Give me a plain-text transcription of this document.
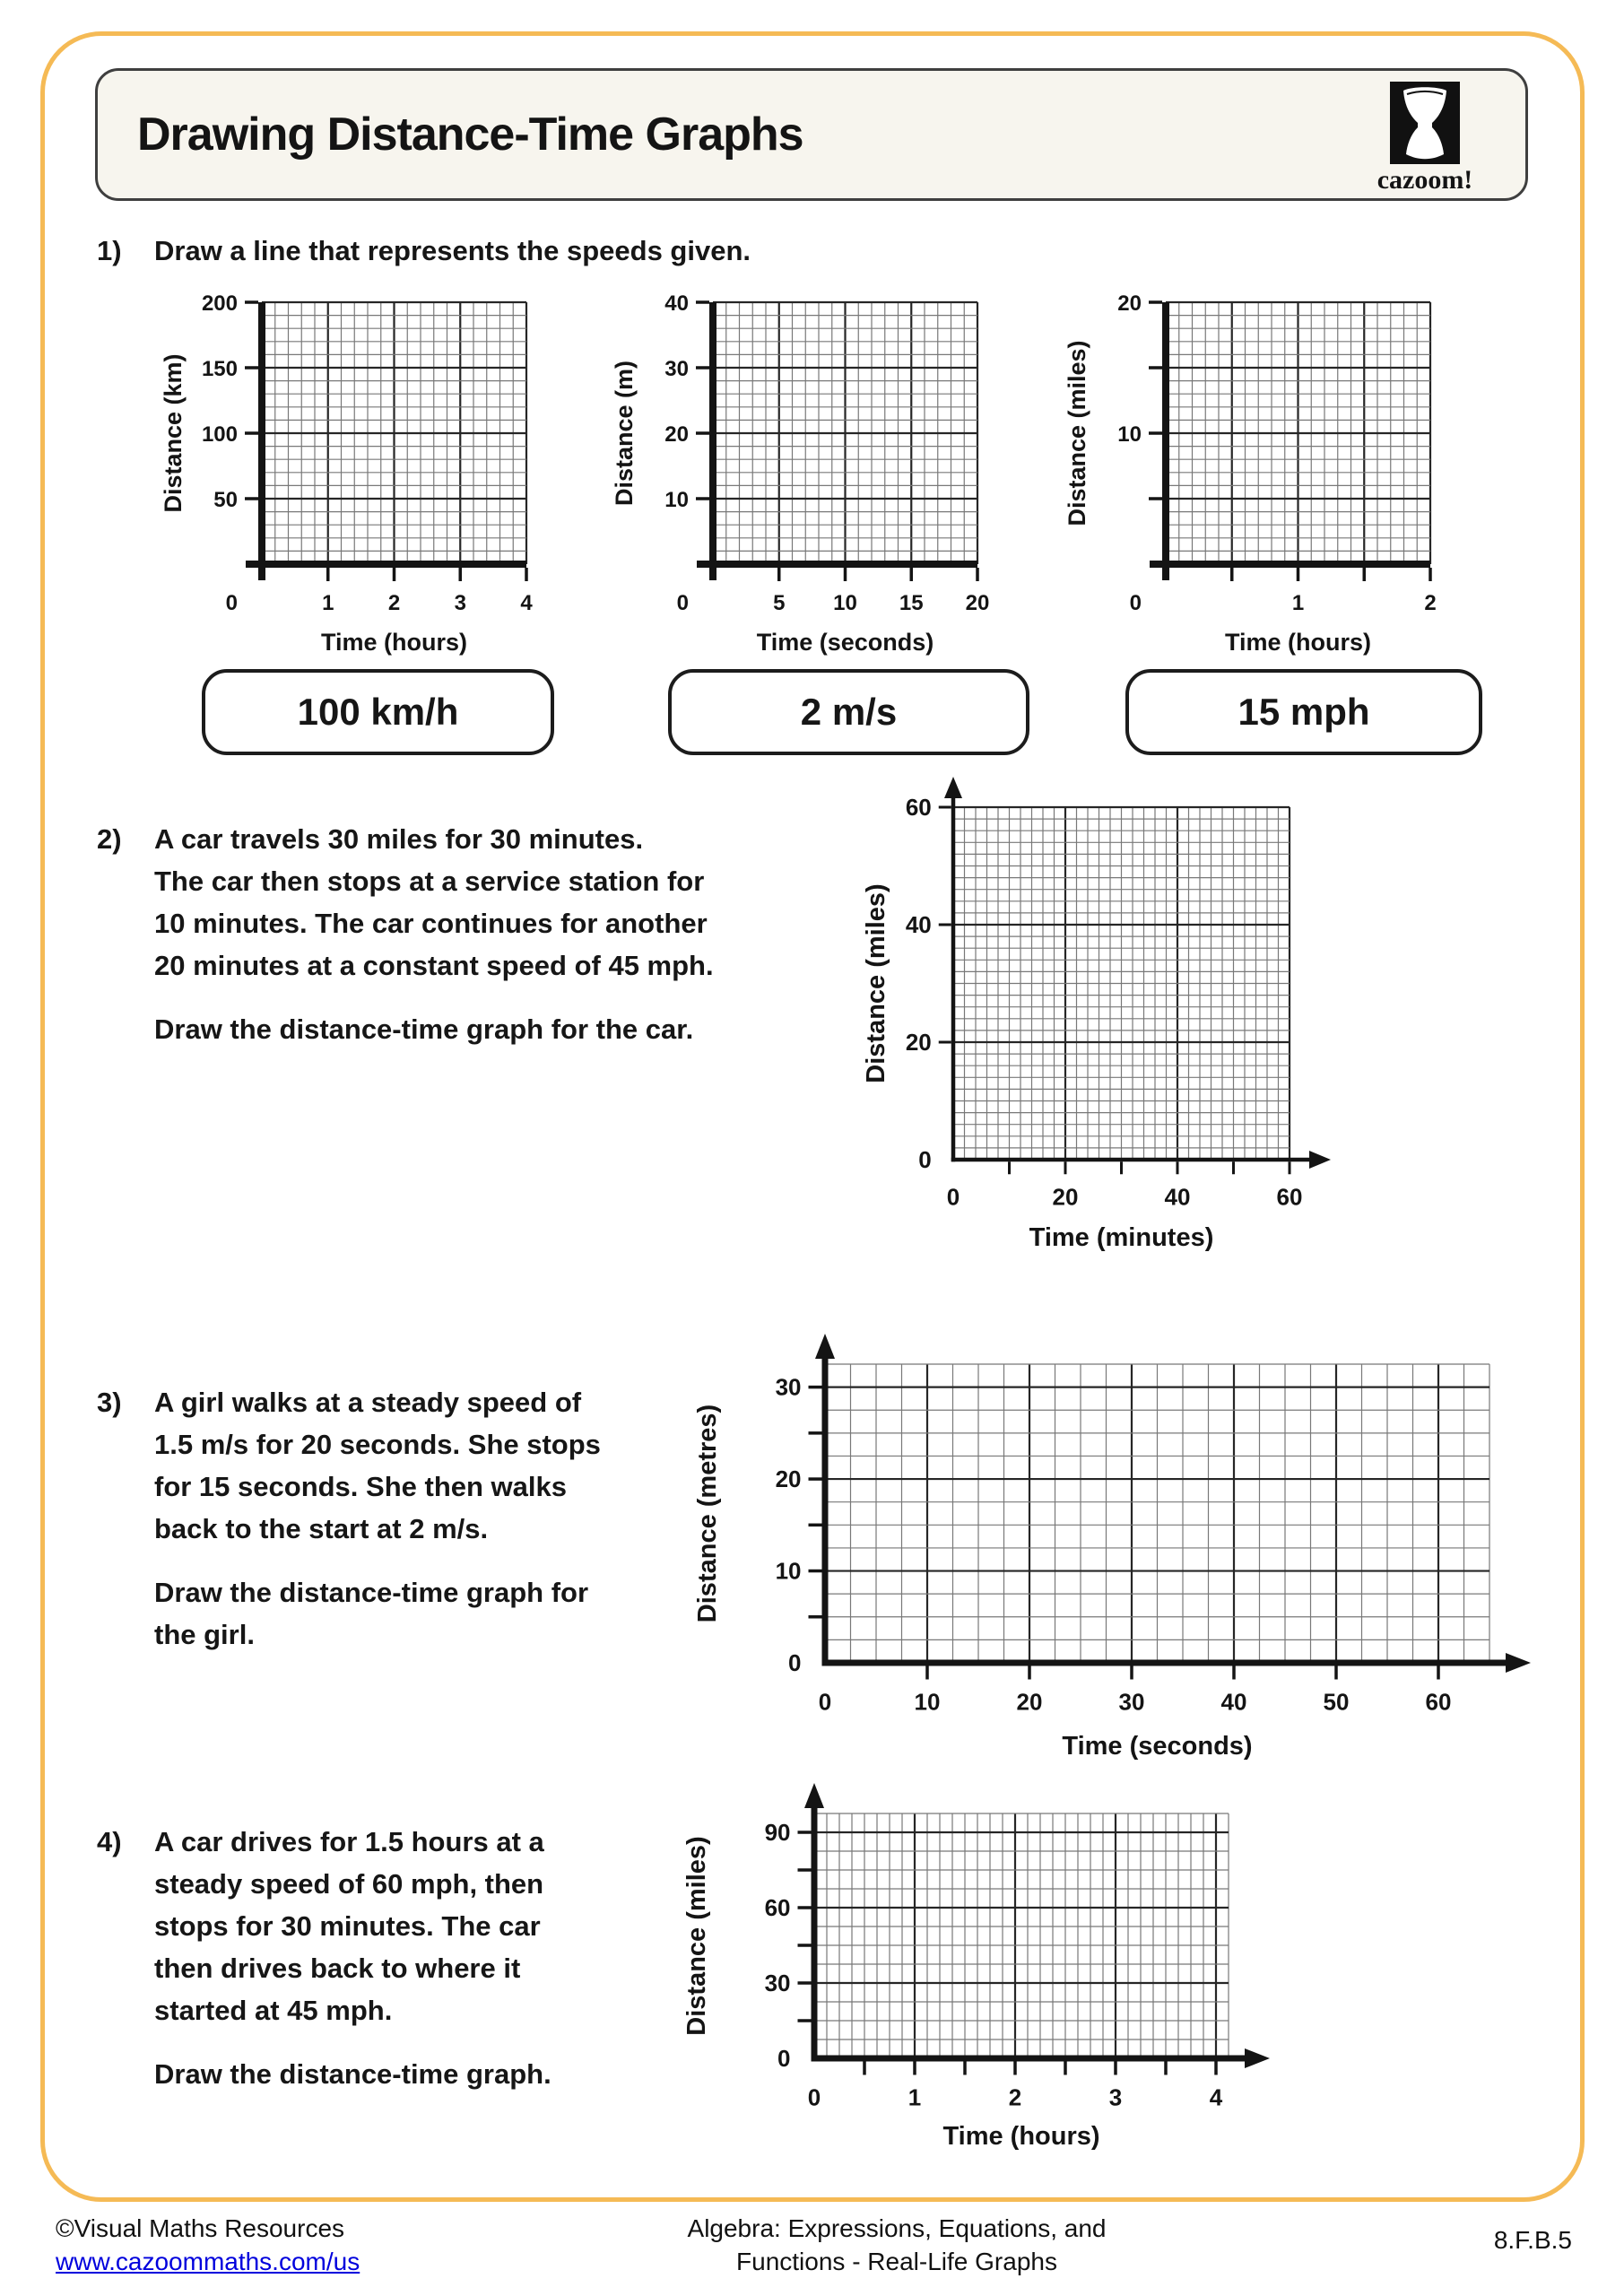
Drawing Distance-Time Graphs
cazoom!
1)	Draw a line that represents the speeds given.
1	2	3	4
50
100
150
200
0
Time (hours)
Distance (km)
5 10 15 20
10
20
30
40
0
Time (seconds)
Distance (m)
1	2
10
20
0
Time (hours)
Distance (miles)
0	20	40	60
0
20
40
60
Time (minutes)
Distance (miles)
0	10	20	30	40	50	60
0
10
20
30
Time (seconds)
Distance (metres)
0	1	2	3	4
0
30
60
90
Time (hours)
Distance (miles)
100 km/h	2 m/s	15 mph
2)	A car travels 30 miles for 30 minutes.
The car then stops at a service station for
10 minutes. The car continues for another
20 minutes at a constant speed of 45 mph.
Draw the distance-time graph for the car.
3)	A girl walks at a steady speed of
1.5 m/s for 20 seconds. She stops
for 15 seconds. She then walks
back to the start at 2 m/s.
Draw the distance-time graph for
the girl.
4)	A car drives for 1.5 hours at a
steady speed of 60 mph, then
stops for 30 minutes. The car
then drives back to where it
started at 45 mph.
Draw the distance-time graph.
©Visual Maths Resources
www.cazoommaths.com/us
Algebra: Expressions, Equations, and
Functions - Real-Life Graphs
8.F.B.5
